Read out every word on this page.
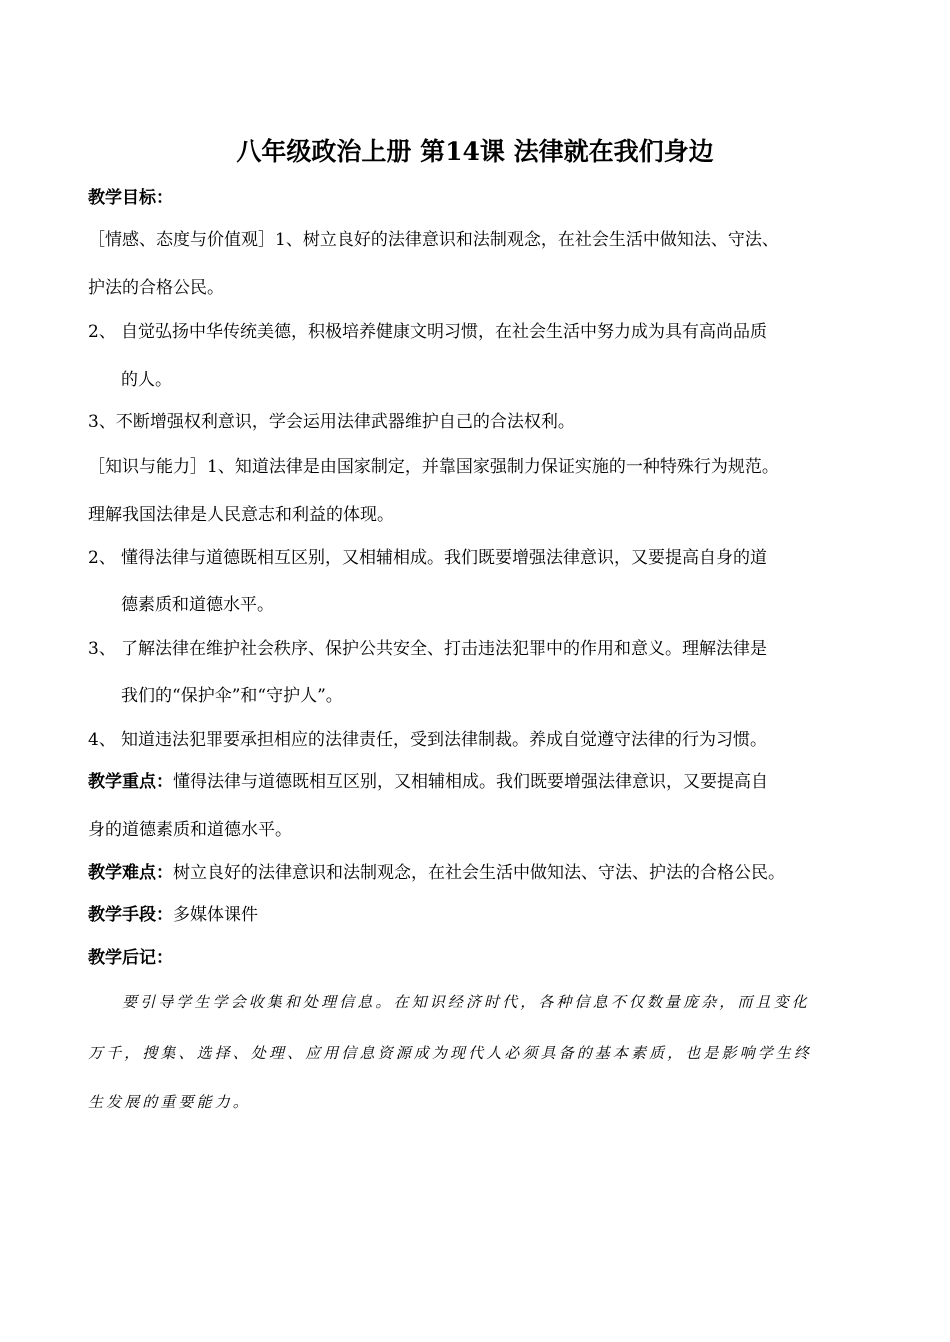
八年级政治上册 第14课 法律就在我们身边
教学目标：
［情感、态度与价值观］1、树立良好的法律意识和法制观念，在社会生活中做知法、守法、
护法的合格公民。
2、 自觉弘扬中华传统美德，积极培养健康文明习惯，在社会生活中努力成为具有高尚品质
的人。
3、不断增强权利意识，学会运用法律武器维护自己的合法权利。
［知识与能力］1、知道法律是由国家制定，并靠国家强制力保证实施的一种特殊行为规范。
理解我国法律是人民意志和利益的体现。
2、 懂得法律与道德既相互区别，又相辅相成。我们既要增强法律意识，又要提高自身的道
德素质和道德水平。
3、 了解法律在维护社会秩序、保护公共安全、打击违法犯罪中的作用和意义。理解法律是
我们的“保护伞”和“守护人”。
4、 知道违法犯罪要承担相应的法律责任，受到法律制裁。养成自觉遵守法律的行为习惯。
教学重点：懂得法律与道德既相互区别，又相辅相成。我们既要增强法律意识，又要提高自
身的道德素质和道德水平。
教学难点：树立良好的法律意识和法制观念，在社会生活中做知法、守法、护法的合格公民。
教学手段：多媒体课件
教学后记：
要引导学生学会收集和处理信息。在知识经济时代，各种信息不仅数量庞杂，而且变化
万千，搜集、选择、处理、应用信息资源成为现代人必须具备的基本素质，也是影响学生终
生发展的重要能力。
